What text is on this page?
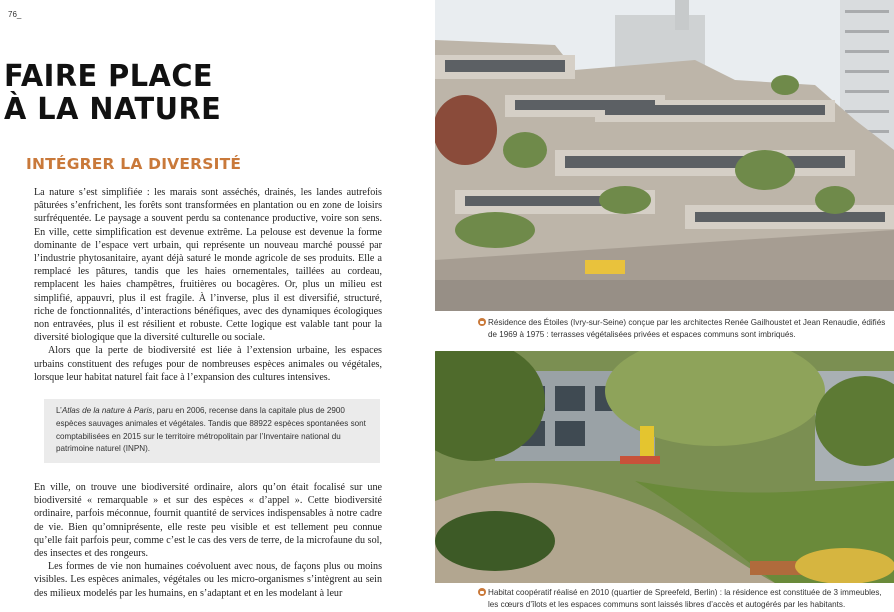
76_
FAIRE PLACE
À LA NATURE
INTÉGRER LA DIVERSITÉ

La nature s’est simplifiée : les marais sont asséchés, drainés, les landes autrefois pâturées s’enfrichent, les forêts sont transformées en plantation ou en zone de loisirs surfréquentée. Le paysage a souvent perdu sa contenance productive, voire son sens. En ville, cette simplification est devenue extrême. La pelouse est devenue la forme dominante de l’espace vert urbain, qui représente un nouveau marché poussé par l’industrie phytosanitaire, ayant déjà saturé le monde agricole de ses produits. Elle a remplacé les pâtures, tandis que les haies ornementales, taillées au cordeau, remplacent les haies champêtres, fruitières ou bocagères. Or, plus un milieu est simplifié, appauvri, plus il est fragile. À l’inverse, plus il est diversifié, structuré, riche de fonctionnalités, d’interactions bénéfiques, avec des dynamiques écologiques non entravées, plus il est résilient et robuste. Cette logique est valable tant pour la diversité biologique que la diversité culturelle ou sociale.

Alors que la perte de biodiversité est liée à l’extension urbaine, les espaces urbains constituent des refuges pour de nombreuses espèces animales ou végétales, lorsque leur habitat naturel fait face à l’expansion des cultures intensives.

L’Atlas de la nature à Paris, paru en 2006, recense dans la capitale plus de 2900 espèces sauvages animales et végétales. Tandis que 88922 espèces spontanées sont comptabilisées en 2015 sur le territoire métropolitain par l’Inventaire national du patrimoine naturel (INPN).

En ville, on trouve une biodiversité ordinaire, alors qu’on était focalisé sur une biodiversité « remarquable » et sur des espèces « d’appel ». Cette biodiversité ordinaire, parfois méconnue, fournit quantité de services indispensables à notre cadre de vie. Bien qu’omniprésente, elle reste peu visible et est tellement peu connue qu’elle fait parfois peur, comme c’est le cas des vers de terre, de la microfaune du sol, des insectes et des rongeurs.

Les formes de vie non humaines coévoluent avec nous, de façons plus ou moins visibles. Les espèces animales, végétales ou les micro-organismes s’intègrent au sein des milieux modelés par les humains, en s’adaptant et en les modelant à leur

Résidence des Étoiles (Ivry-sur-Seine) conçue par les architectes Renée Gailhoustet et Jean Renaudie, édifiés de 1969 à 1975 : terrasses végétalisées privées et espaces communs sont imbriqués.

Habitat coopératif réalisé en 2010 (quartier de Spreefeld, Berlin) : la résidence est constituée de 3 immeubles, les cœurs d’îlots et les espaces communs sont laissés libres d’accès et autogérés par les habitants.
